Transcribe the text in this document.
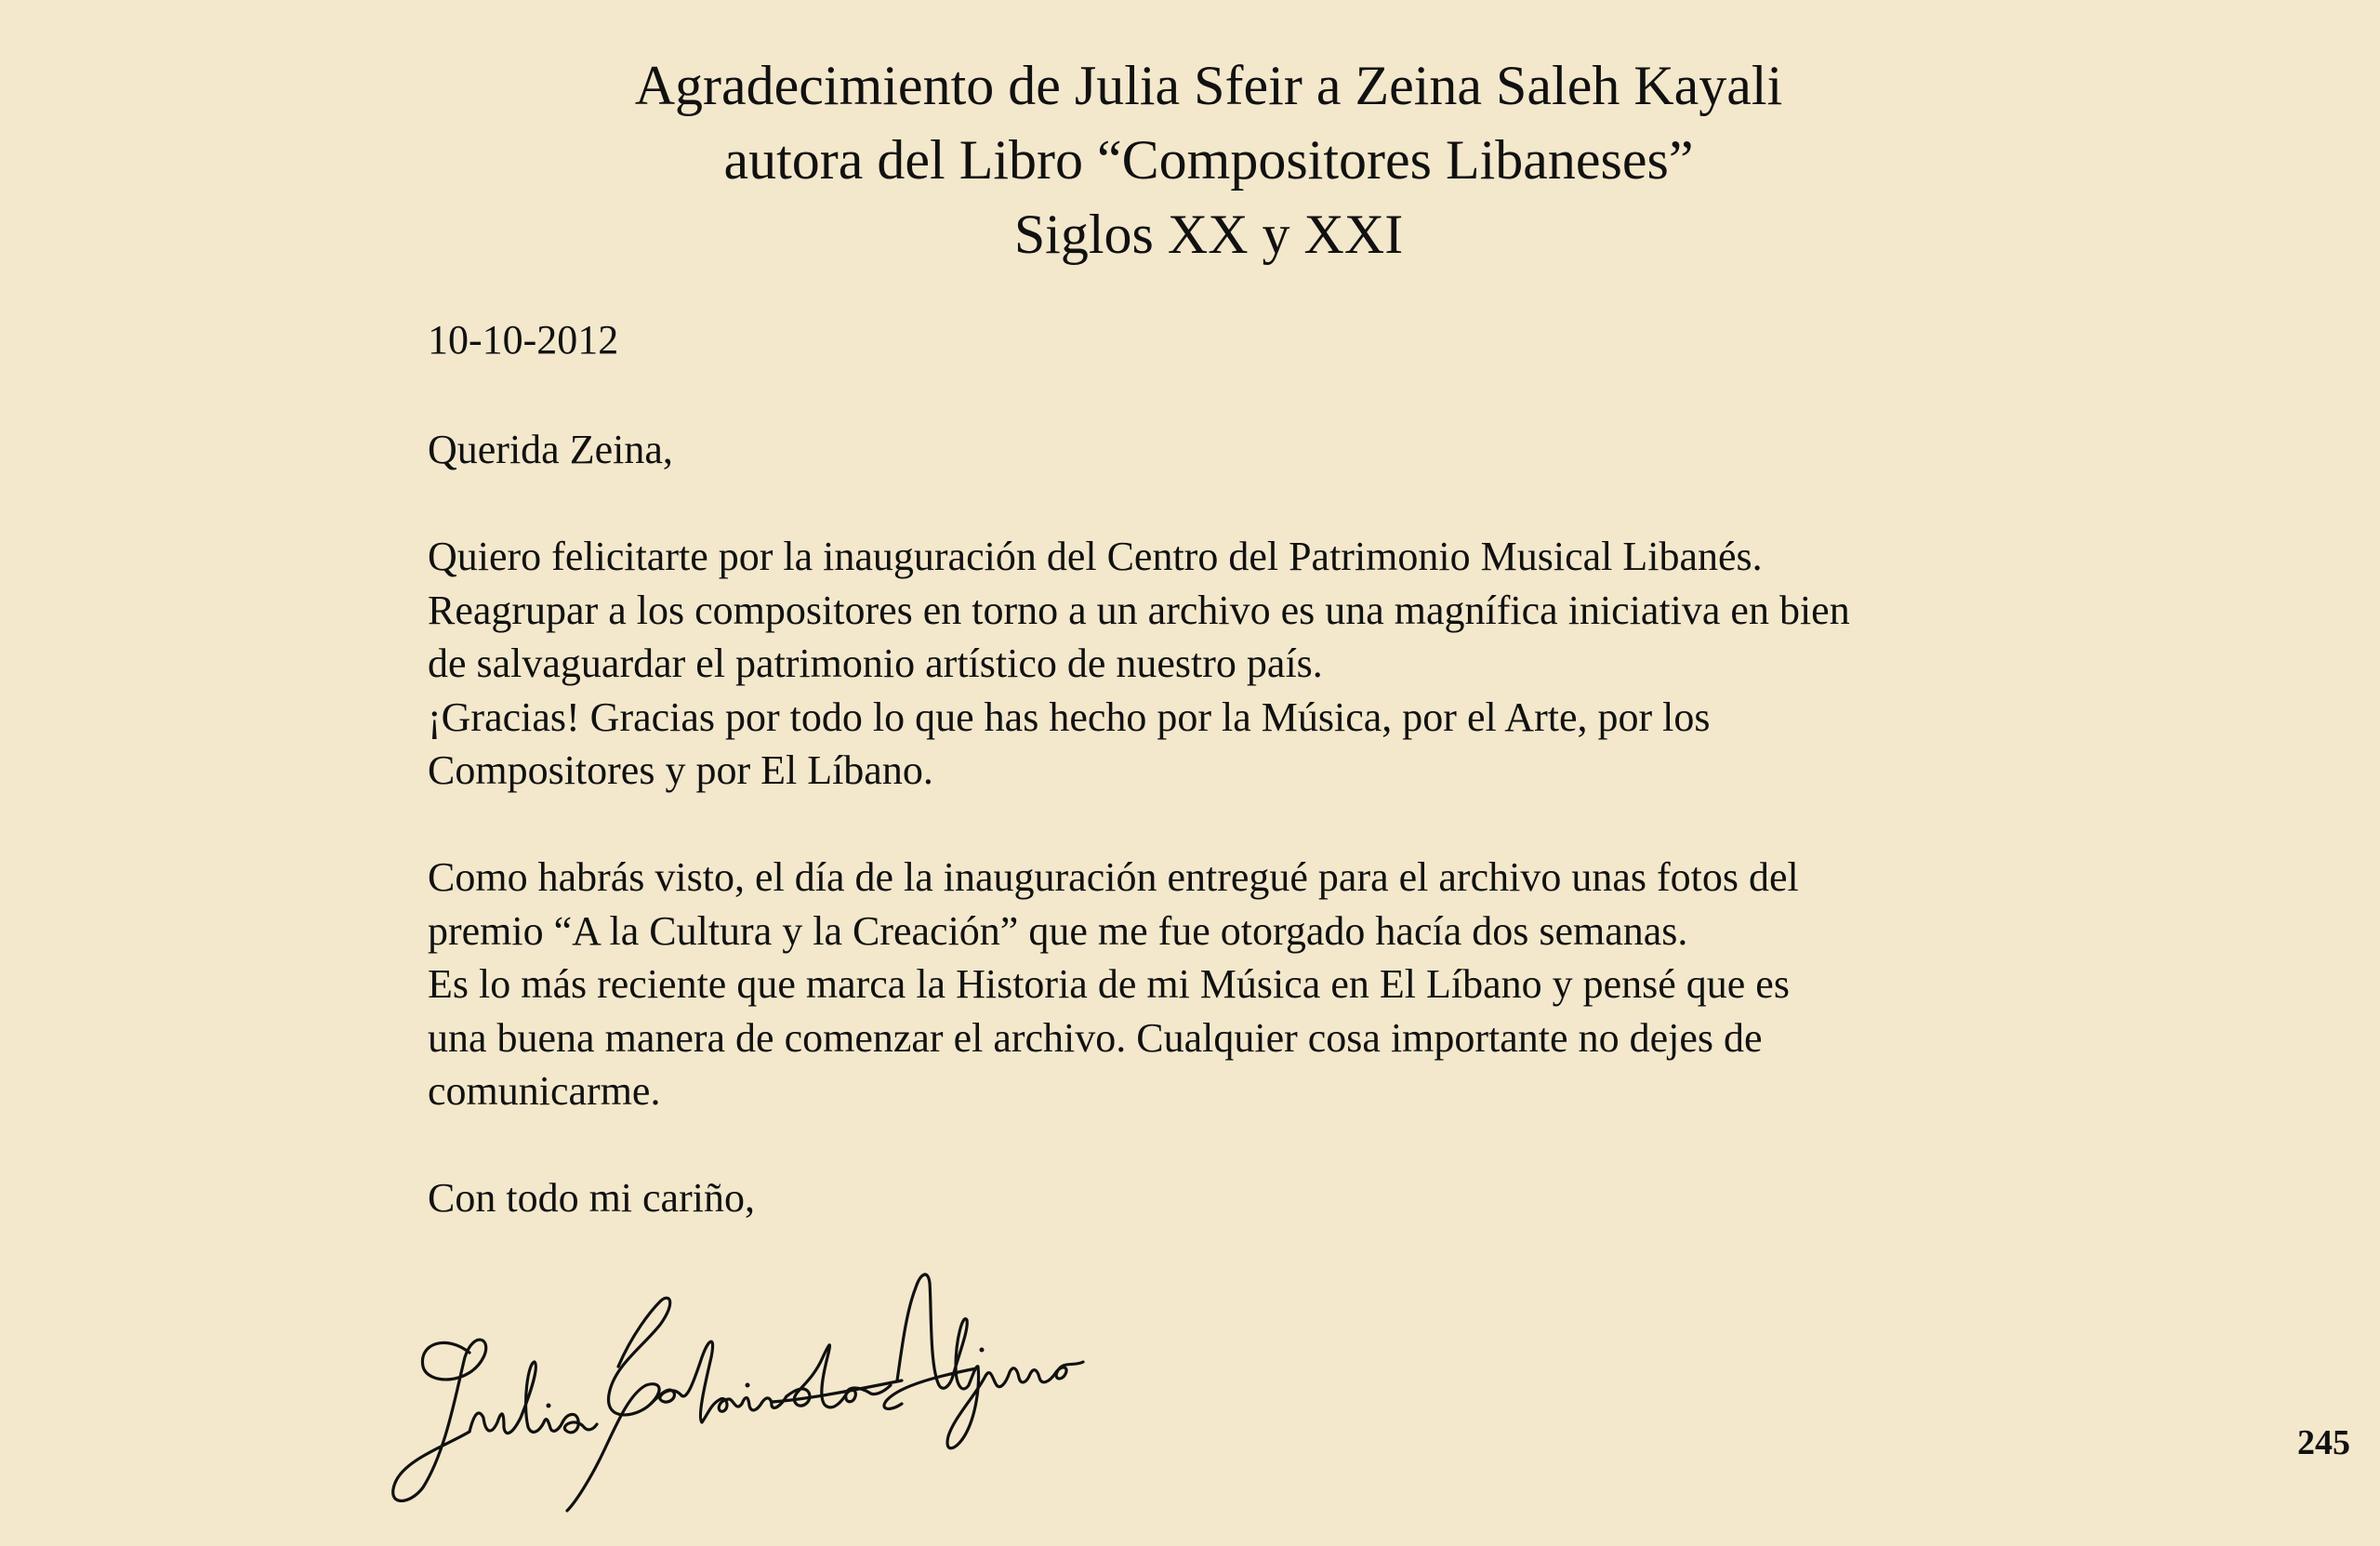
Agradecimiento de Julia Sfeir a Zeina Saleh Kayali
autora del Libro “Compositores Libaneses”
Siglos XX y XXI
10-10-2012
Querida Zeina,
Quiero felicitarte por la inauguración del Centro del Patrimonio Musical Libanés.
Reagrupar a los compositores en torno a un archivo es una magnífica iniciativa en bien
de salvaguardar el patrimonio artístico de nuestro país.
¡Gracias! Gracias por todo lo que has hecho por la Música, por el Arte, por los
Compositores y por El Líbano.
Como habrás visto, el día de la inauguración entregué para el archivo unas fotos del
premio “A la Cultura y la Creación” que me fue otorgado hacía dos semanas.
Es lo más reciente que marca la Historia de mi Música en El Líbano y pensé que es
una buena manera de comenzar el archivo. Cualquier cosa importante no dejes de
comunicarme.
Con todo mi cariño,
245
